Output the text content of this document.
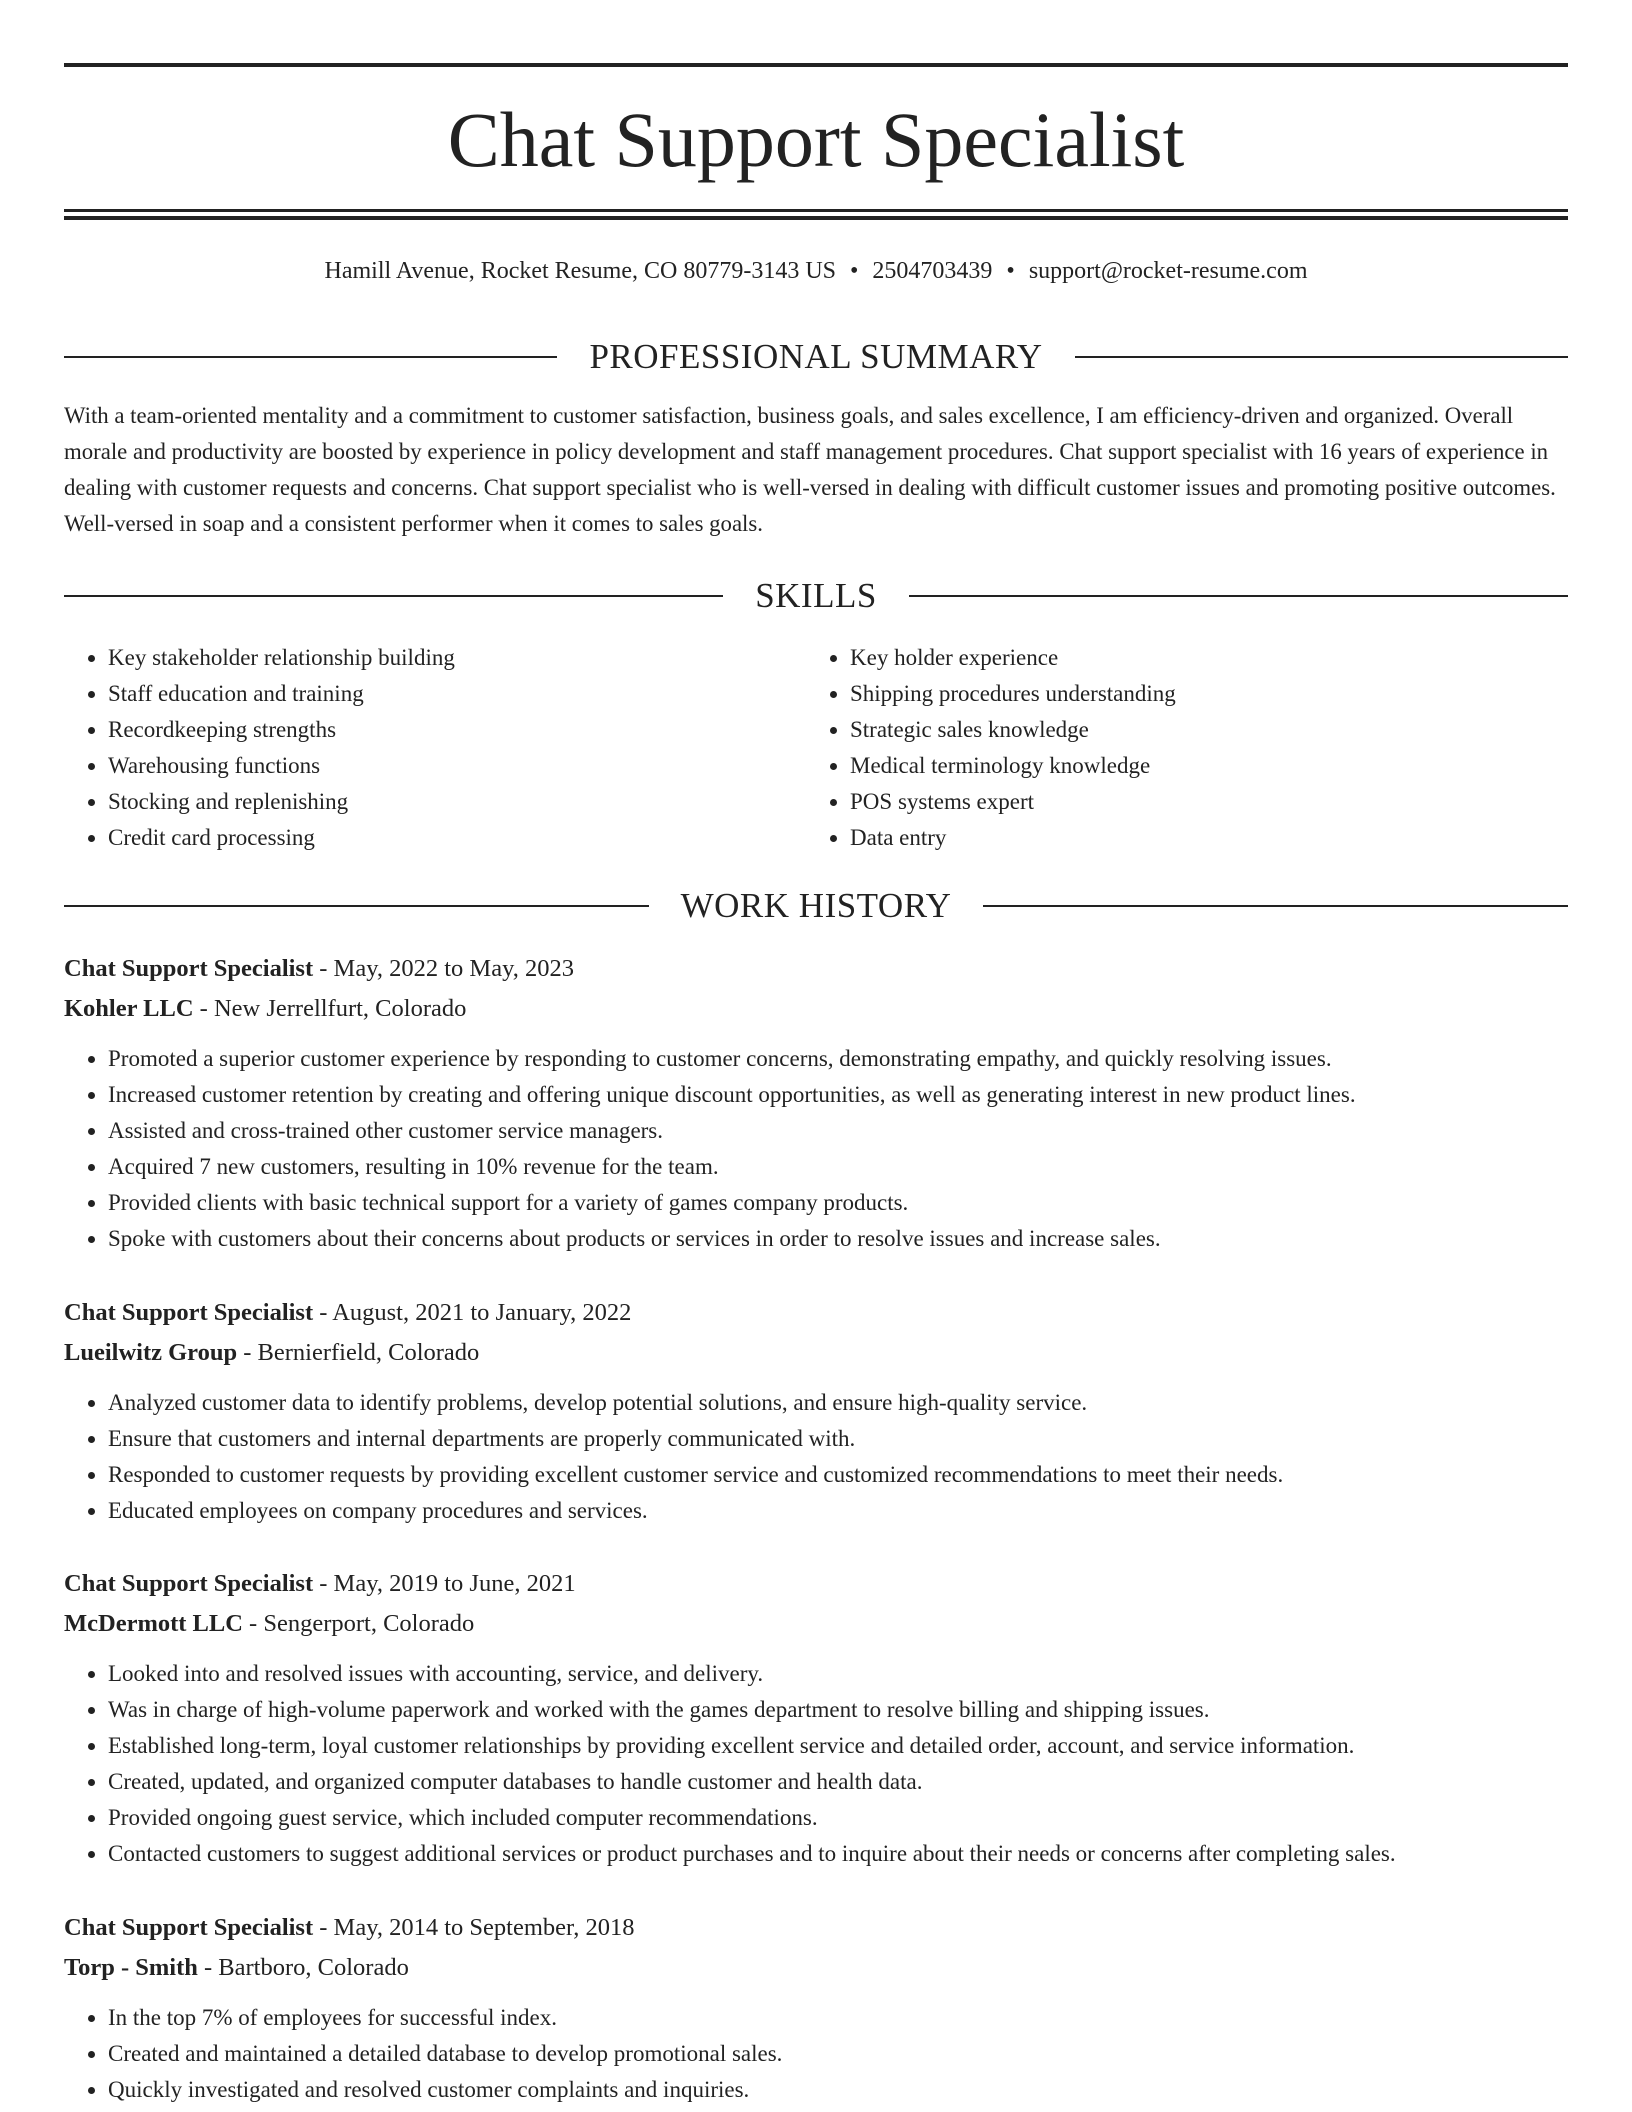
Chat Support Specialist
Hamill Avenue, Rocket Resume, CO 80779-3143 US • 2504703439 • support@rocket-resume.com
PROFESSIONAL SUMMARY

With a team-oriented mentality and a commitment to customer satisfaction, business goals, and sales excellence, I am efficiency-driven and organized. Overall morale and productivity are boosted by experience in policy development and staff management procedures. Chat support specialist with 16 years of experience in dealing with customer requests and concerns. Chat support specialist who is well-versed in dealing with difficult customer issues and promoting positive outcomes. Well-versed in soap and a consistent performer when it comes to sales goals.

SKILLS
• Key stakeholder relationship building
• Staff education and training
• Recordkeeping strengths
• Warehousing functions
• Stocking and replenishing
• Credit card processing
• Key holder experience
• Shipping procedures understanding
• Strategic sales knowledge
• Medical terminology knowledge
• POS systems expert
• Data entry
WORK HISTORY
Chat Support Specialist - May, 2022 to May, 2023
Kohler LLC - New Jerrellfurt, Colorado
• Promoted a superior customer experience by responding to customer concerns, demonstrating empathy, and quickly resolving issues.
• Increased customer retention by creating and offering unique discount opportunities, as well as generating interest in new product lines.
• Assisted and cross-trained other customer service managers.
• Acquired 7 new customers, resulting in 10% revenue for the team.
• Provided clients with basic technical support for a variety of games company products.
• Spoke with customers about their concerns about products or services in order to resolve issues and increase sales.
Chat Support Specialist - August, 2021 to January, 2022
Lueilwitz Group - Bernierfield, Colorado
• Analyzed customer data to identify problems, develop potential solutions, and ensure high-quality service.
• Ensure that customers and internal departments are properly communicated with.
• Responded to customer requests by providing excellent customer service and customized recommendations to meet their needs.
• Educated employees on company procedures and services.
Chat Support Specialist - May, 2019 to June, 2021
McDermott LLC - Sengerport, Colorado
• Looked into and resolved issues with accounting, service, and delivery.
• Was in charge of high-volume paperwork and worked with the games department to resolve billing and shipping issues.
• Established long-term, loyal customer relationships by providing excellent service and detailed order, account, and service information.
• Created, updated, and organized computer databases to handle customer and health data.
• Provided ongoing guest service, which included computer recommendations.
• Contacted customers to suggest additional services or product purchases and to inquire about their needs or concerns after completing sales.
Chat Support Specialist - May, 2014 to September, 2018
Torp - Smith - Bartboro, Colorado
• In the top 7% of employees for successful index.
• Created and maintained a detailed database to develop promotional sales.
• Quickly investigated and resolved customer complaints and inquiries.
